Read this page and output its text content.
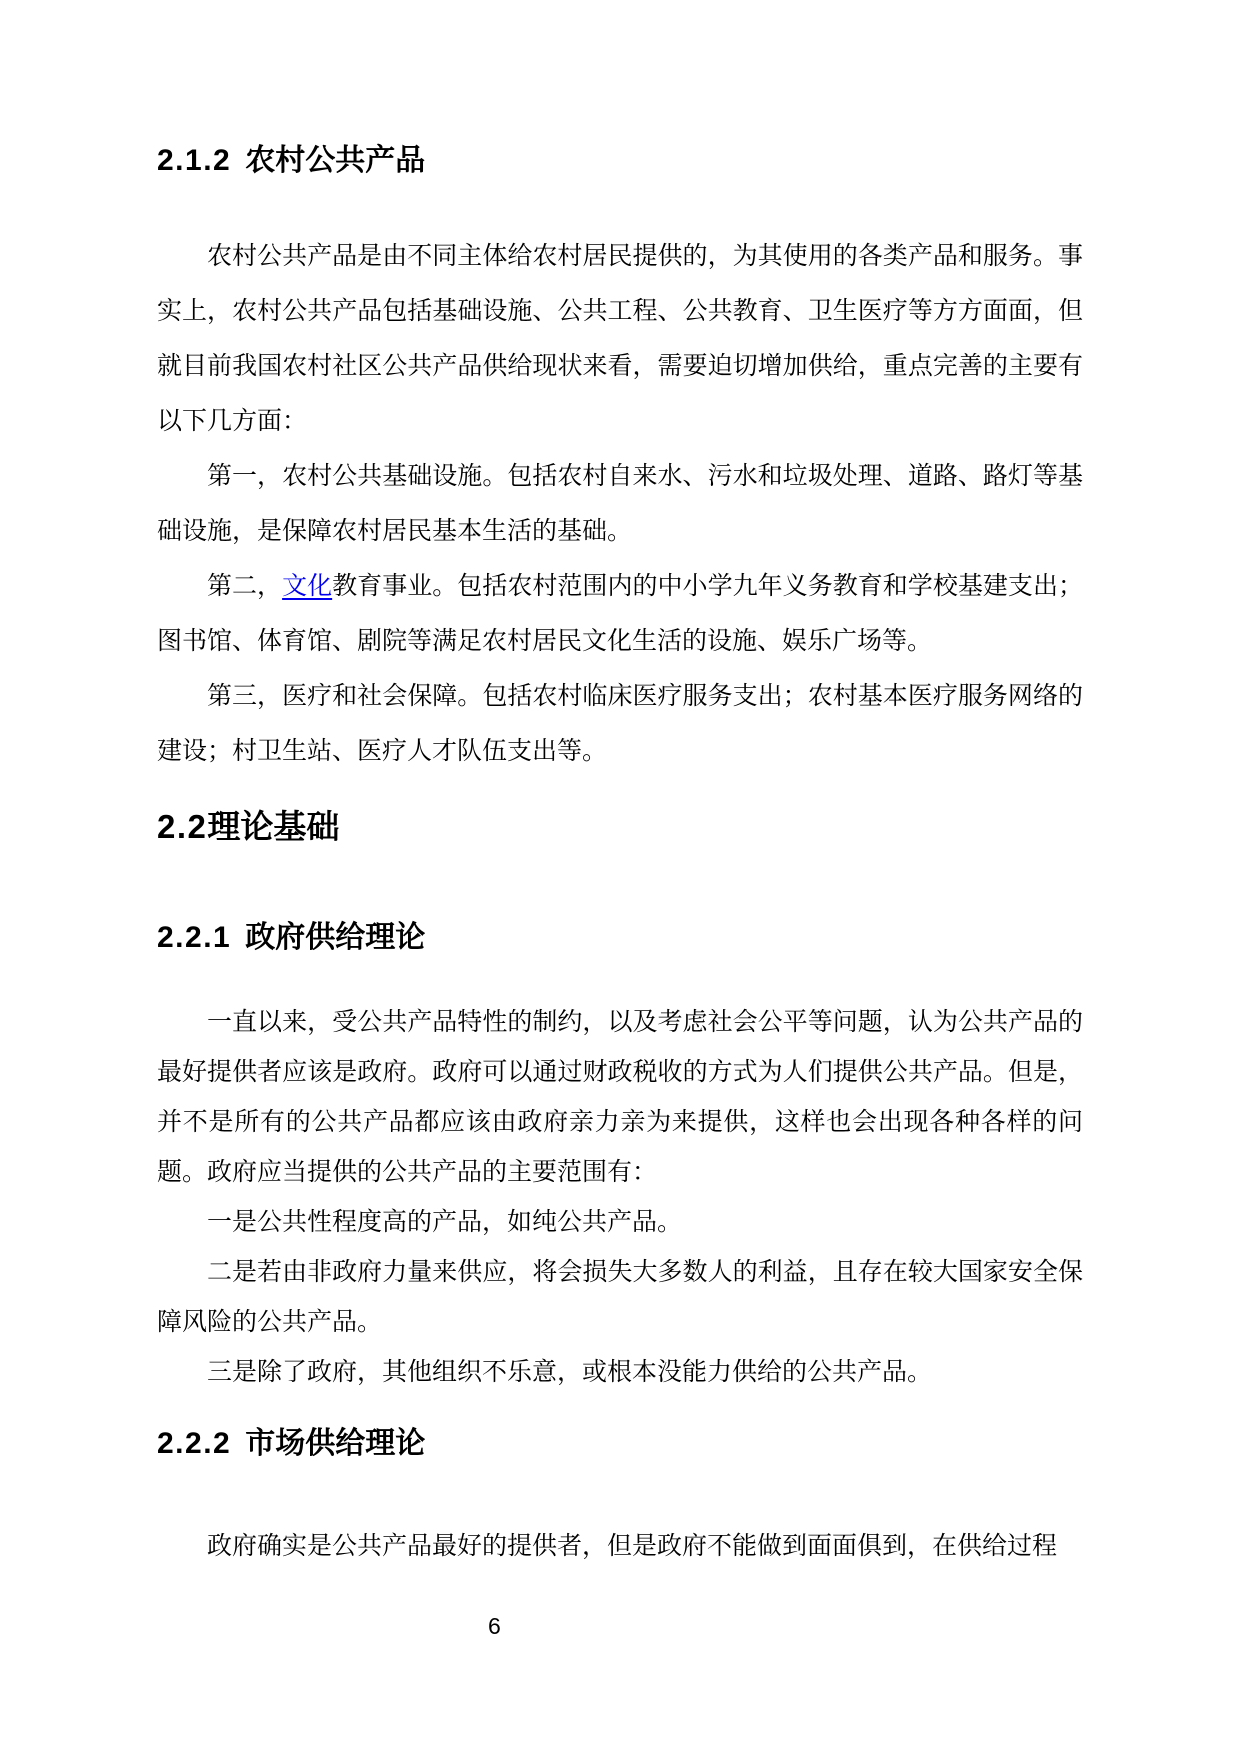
2.1.2 农村公共产品

农村公共产品是由不同主体给农村居民提供的，为其使用的各类产品和服务。事实上，农村公共产品包括基础设施、公共工程、公共教育、卫生医疗等方方面面，但就目前我国农村社区公共产品供给现状来看，需要迫切增加供给，重点完善的主要有以下几方面：

第一，农村公共基础设施。包括农村自来水、污水和垃圾处理、道路、路灯等基础设施，是保障农村居民基本生活的基础。

第二，文化教育事业。包括农村范围内的中小学九年义务教育和学校基建支出；图书馆、体育馆、剧院等满足农村居民文化生活的设施、娱乐广场等。

第三，医疗和社会保障。包括农村临床医疗服务支出；农村基本医疗服务网络的建设；村卫生站、医疗人才队伍支出等。

2.2理论基础
2.2.1 政府供给理论

一直以来，受公共产品特性的制约，以及考虑社会公平等问题，认为公共产品的最好提供者应该是政府。政府可以通过财政税收的方式为人们提供公共产品。但是，并不是所有的公共产品都应该由政府亲力亲为来提供，这样也会出现各种各样的问题。政府应当提供的公共产品的主要范围有：

一是公共性程度高的产品，如纯公共产品。

二是若由非政府力量来供应，将会损失大多数人的利益，且存在较大国家安全保障风险的公共产品。

三是除了政府，其他组织不乐意，或根本没能力供给的公共产品。

2.2.2 市场供给理论

政府确实是公共产品最好的提供者，但是政府不能做到面面俱到，在供给过程

6
